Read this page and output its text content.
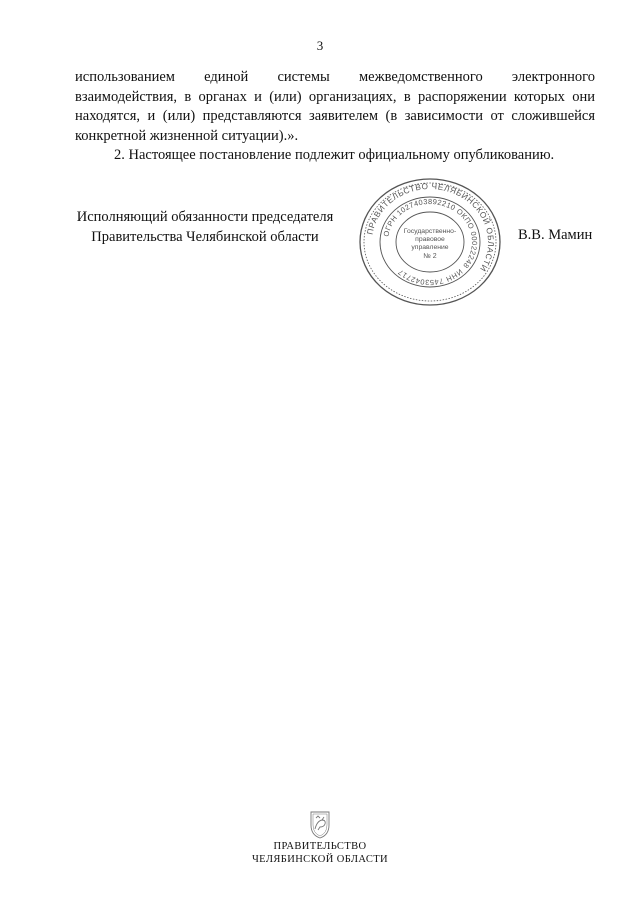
3

использованием единой системы межведомственного электронного взаимодействия, в органах и (или) организациях, в распоряжении которых они находятся, и (или) представляются заявителем (в зависимости от сложившейся конкретной жизненной ситуации).».

2. Настоящее постановление подлежит официальному опубликованию.

Исполняющий обязанности председателя
Правительства Челябинской области	ПРАВИТЕЛЬСТВО ЧЕЛЯБИНСКОЙ ОБЛАСТИ
ОГРН 1027403892210
ОКПО 00022248
ИНН 7453042717
Государственно-
правовое
управление
№ 2
В.В. Мамин
ПРАВИТЕЛЬСТВО
ЧЕЛЯБИНСКОЙ ОБЛАСТИ
